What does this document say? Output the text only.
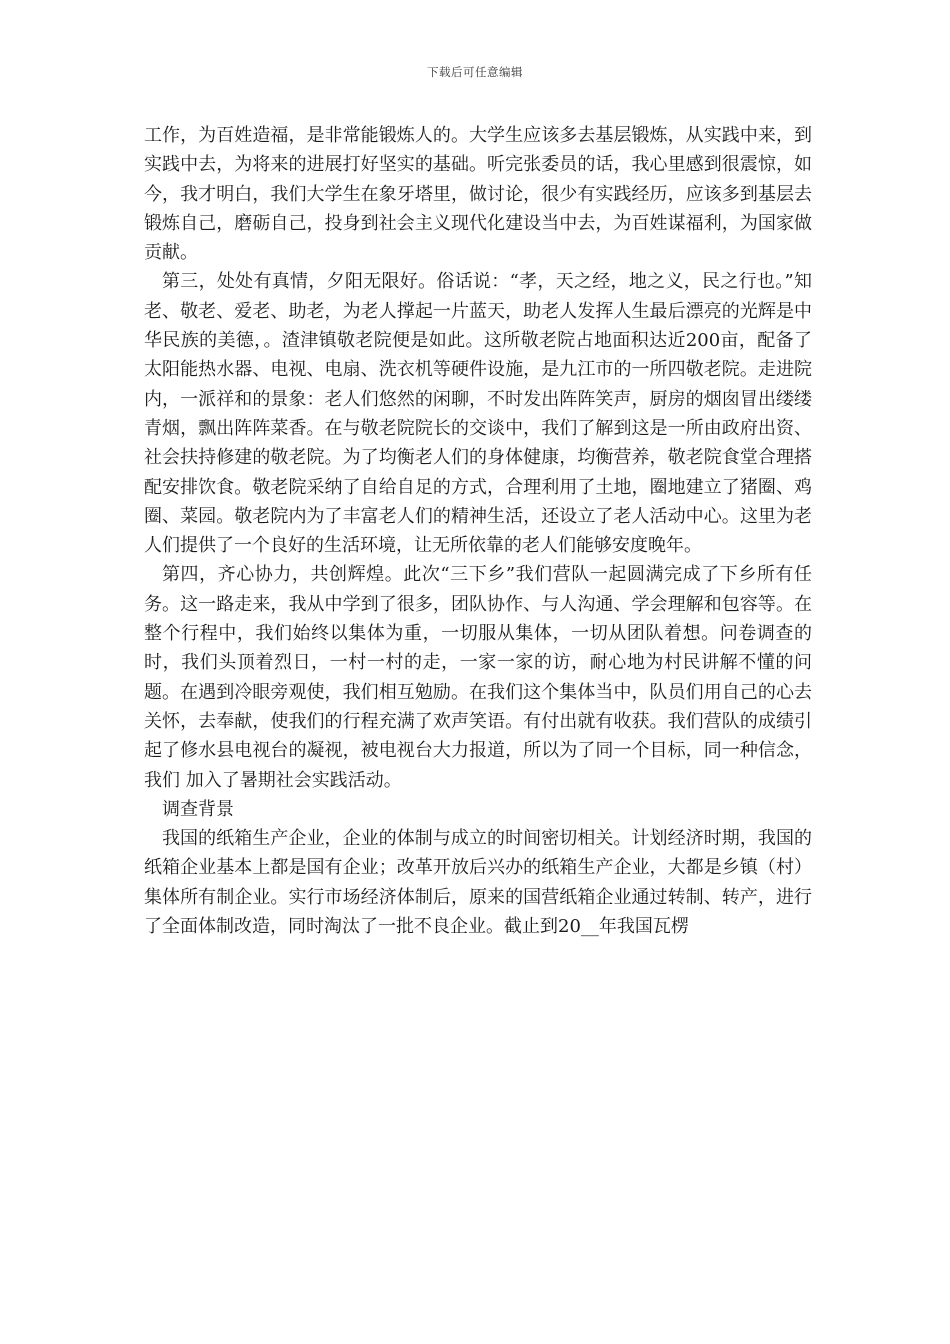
下载后可任意编辑

工作，为百姓造福，是非常能锻炼人的。大学生应该多去基层锻炼，从实践中来，到实践中去，为将来的进展打好坚实的基础。听完张委员的话，我心里感到很震惊，如今，我才明白，我们大学生在象牙塔里，做讨论，很少有实践经历，应该多到基层去锻炼自己，磨砺自己，投身到社会主义现代化建设当中去，为百姓谋福利，为国家做贡献。

第三，处处有真情，夕阳无限好。俗话说：“孝，天之经，地之义，民之行也。”知老、敬老、爱老、助老，为老人撑起一片蓝天，助老人发挥人生最后漂亮的光辉是中华民族的美德，。渣津镇敬老院便是如此。这所敬老院占地面积达近200亩，配备了太阳能热水器、电视、电扇、洗衣机等硬件设施，是九江市的一所四敬老院。走进院内，一派祥和的景象：老人们悠然的闲聊，不时发出阵阵笑声，厨房的烟囱冒出缕缕青烟，飘出阵阵菜香。在与敬老院院长的交谈中，我们了解到这是一所由政府出资、社会扶持修建的敬老院。为了均衡老人们的身体健康，均衡营养，敬老院食堂合理搭配安排饮食。敬老院采纳了自给自足的方式，合理利用了土地，圈地建立了猪圈、鸡圈、菜园。敬老院内为了丰富老人们的精神生活，还设立了老人活动中心。这里为老人们提供了一个良好的生活环境，让无所依靠的老人们能够安度晚年。

第四，齐心协力，共创辉煌。此次“三下乡”我们营队一起圆满完成了下乡所有任务。这一路走来，我从中学到了很多，团队协作、与人沟通、学会理解和包容等。在整个行程中，我们始终以集体为重，一切服从集体，一切从团队着想。问卷调查的时，我们头顶着烈日，一村一村的走，一家一家的访，耐心地为村民讲解不懂的问题。在遇到冷眼旁观使，我们相互勉励。在我们这个集体当中，队员们用自己的心去关怀，去奉献，使我们的行程充满了欢声笑语。有付出就有收获。我们营队的成绩引起了修水县电视台的凝视，被电视台大力报道，所以为了同一个目标，同一种信念，我们 加入了暑期社会实践活动。

调查背景

我国的纸箱生产企业，企业的体制与成立的时间密切相关。计划经济时期，我国的纸箱企业基本上都是国有企业；改革开放后兴办的纸箱生产企业，大都是乡镇（村）集体所有制企业。实行市场经济体制后，原来的国营纸箱企业通过转制、转产，进行了全面体制改造，同时淘汰了一批不良企业。截止到20__年我国瓦楞
